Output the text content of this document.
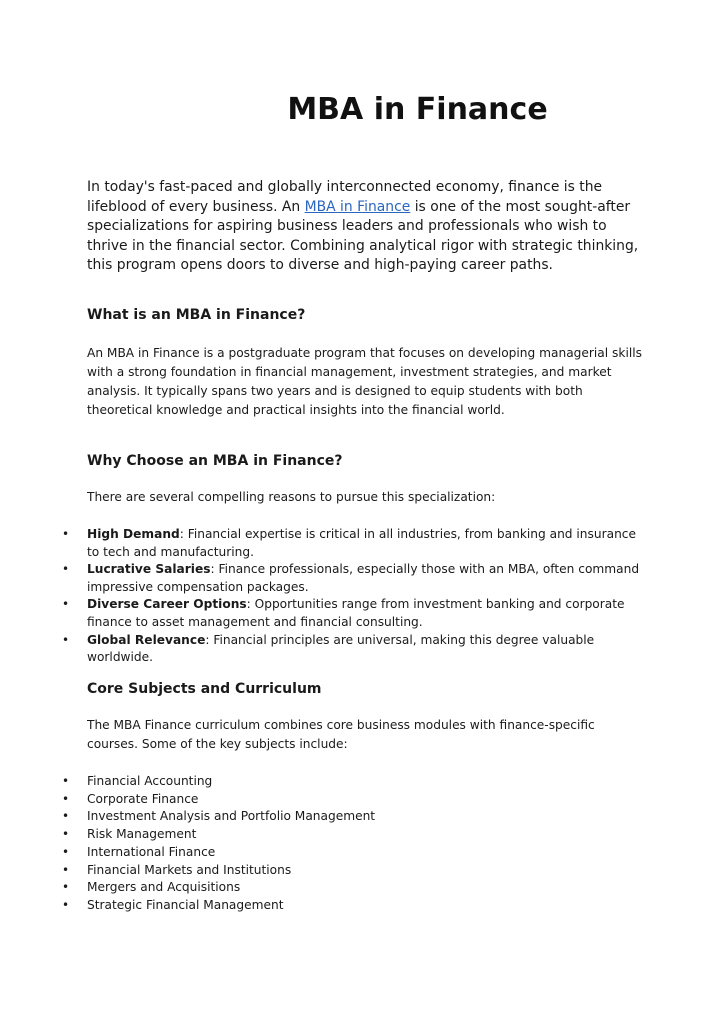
MBA in Finance

In today's fast-paced and globally interconnected economy, finance is the lifeblood of every business. An MBA in Finance is one of the most sought-after specializations for aspiring business leaders and professionals who wish to thrive in the financial sector. Combining analytical rigor with strategic thinking, this program opens doors to diverse and high-paying career paths.

What is an MBA in Finance?

An MBA in Finance is a postgraduate program that focuses on developing managerial skills with a strong foundation in financial management, investment strategies, and market analysis. It typically spans two years and is designed to equip students with both theoretical knowledge and practical insights into the financial world.

Why Choose an MBA in Finance?

There are several compelling reasons to pursue this specialization:

• High Demand: Financial expertise is critical in all industries, from banking and insurance to tech and manufacturing.
• Lucrative Salaries: Finance professionals, especially those with an MBA, often command impressive compensation packages.
• Diverse Career Options: Opportunities range from investment banking and corporate finance to asset management and financial consulting.
• Global Relevance: Financial principles are universal, making this degree valuable worldwide.
Core Subjects and Curriculum

The MBA Finance curriculum combines core business modules with finance-specific courses. Some of the key subjects include:

• Financial Accounting
• Corporate Finance
• Investment Analysis and Portfolio Management
• Risk Management
• International Finance
• Financial Markets and Institutions
• Mergers and Acquisitions
• Strategic Financial Management
